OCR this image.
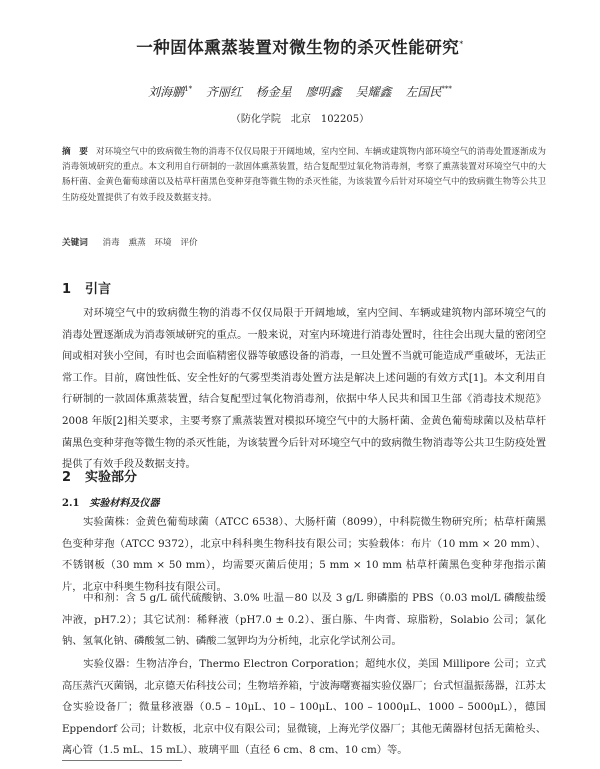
一种固体熏蒸装置对微生物的杀灭性能研究*
刘海鹏$^{1*}$ 齐丽红 杨金星 廖明鑫 吴耀鑫 左国民***
（防化学院　北京　102205）
摘　要 对环境空气中的致病微生物的消毒不仅仅局限于开阔地域，室内空间、车辆或建筑物内部环境空气的消毒处置逐渐成为消毒领域研究的重点。本文利用自行研制的一款固体熏蒸装置，结合复配型过氧化物消毒剂，考察了熏蒸装置对环境空气中的大肠杆菌、金黄色葡萄球菌以及枯草杆菌黑色变种芽孢等微生物的杀灭性能，为该装置今后针对环境空气中的致病微生物等公共卫生防疫处置提供了有效手段及数据支持。
关键词 消毒 熏蒸 环境 评价
1 引言
对环境空气中的致病微生物的消毒不仅仅局限于开阔地域，室内空间、车辆或建筑物内部环境空气的消毒处置逐渐成为消毒领域研究的重点。一般来说，对室内环境进行消毒处置时，往往会出现大量的密闭空间或相对狭小空间，有时也会面临精密仪器等敏感设备的消毒，一旦处置不当就可能造成严重破坏，无法正常工作。目前，腐蚀性低、安全性好的气雾型类消毒处置方法是解决上述问题的有效方式[1]。本文利用自行研制的一款固体熏蒸装置，结合复配型过氧化物消毒剂，依据中华人民共和国卫生部《消毒技术规范》2008 年版[2]相关要求，主要考察了熏蒸装置对模拟环境空气中的大肠杆菌、金黄色葡萄球菌以及枯草杆菌黑色变种芽孢等微生物的杀灭性能，为该装置今后针对环境空气中的致病微生物消毒等公共卫生防疫处置提供了有效手段及数据支持。
2 实验部分
2.1 实验材料及仪器
实验菌株：金黄色葡萄球菌（ATCC 6538）、大肠杆菌（8099），中科院微生物研究所；枯草杆菌黑色变种芽孢（ATCC 9372），北京中科科奥生物科技有限公司；实验载体：布片（10 mm × 20 mm）、不锈钢板（30 mm × 50 mm），均需要灭菌后使用；5 mm × 10 mm 枯草杆菌黑色变种芽孢指示菌片，北京中科奥生物科技有限公司。
中和剂：含 5 g/L 硫代硫酸钠、3.0% 吐温－80 以及 3 g/L 卵磷脂的 PBS（0.03 mol/L 磷酸盐缓冲液，pH7.2）；其它试剂：稀释液（pH7.0 ± 0.2）、蛋白胨、牛肉膏、琼脂粉，Solabio 公司；氯化钠、氢氧化钠、磷酸氢二钠、磷酸二氢钾均为分析纯，北京化学试剂公司。
实验仪器：生物洁净台，Thermo Electron Corporation；超纯水仪，美国 Millipore 公司；立式高压蒸汽灭菌锅，北京德天佑科技公司；生物培养箱，宁波海曙赛福实验仪器厂；台式恒温振荡器，江苏太仓实验设备厂；微量移液器（0.5 – 10μL、10 – 100μL、100 – 1000μL、1000 – 5000μL），德国 Eppendorf 公司；计数板，北京中仪有限公司；显微镜，上海光学仪器厂；其他无菌器材包括无菌枪头、离心管（1.5 mL、15 mL）、玻璃平皿（直径 6 cm、8 cm、10 cm）等。
